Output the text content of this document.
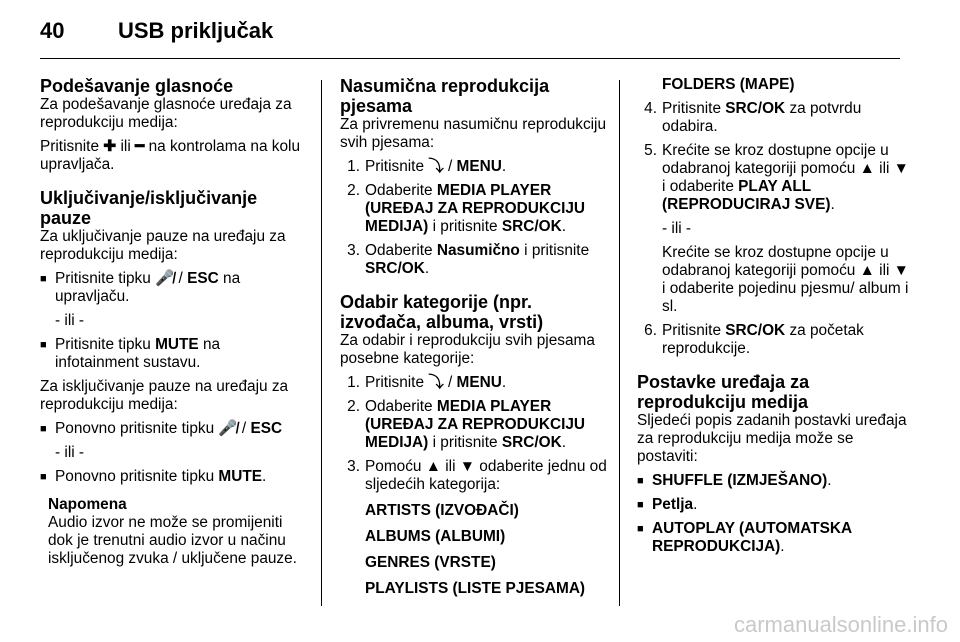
40 USB priključak
Podešavanje glasnoće

Za podešavanje glasnoće uređaja za reprodukciju medija:

Pritisnite ✚ ili ━ na kontrolama na kolu upravljača.

Uključivanje/isključivanje pauze

Za uključivanje pauze na uređaju za reprodukciju medija:

■ Pritisnite tipku 🎤̸ / ESC na upravljaču.
- ili -
■ Pritisnite tipku MUTE na infotainment sustavu.

Za isključivanje pauze na uređaju za reprodukciju medija:

■ Ponovno pritisnite tipku 🎤̸ / ESC
- ili -
■ Ponovno pritisnite tipku MUTE.
Napomena
Audio izvor ne može se promijeniti dok je trenutni audio izvor u načinu isključenog zvuka / uključene pauze.
Nasumična reprodukcija pjesama

Za privremenu nasumičnu reprodukciju svih pjesama:

1. Pritisnite ⤵ / MENU.
2. Odaberite MEDIA PLAYER (UREĐAJ ZA REPRODUKCIJU MEDIJA) i pritisnite SRC/OK.
3. Odaberite Nasumično i pritisnite SRC/OK.
Odabir kategorije (npr. izvođača, albuma, vrsti)

Za odabir i reprodukciju svih pjesama posebne kategorije:

1. Pritisnite ⤵ / MENU.
2. Odaberite MEDIA PLAYER (UREĐAJ ZA REPRODUKCIJU MEDIJA) i pritisnite SRC/OK.
3. Pomoću ▲ ili ▼ odaberite jednu od sljedećih kategorija:
ARTISTS (IZVOĐAČI)
ALBUMS (ALBUMI)
GENRES (VRSTE)
PLAYLISTS (LISTE PJESAMA)
FOLDERS (MAPE)
4. Pritisnite SRC/OK za potvrdu odabira.
5. Krećite se kroz dostupne opcije u odabranoj kategoriji pomoću ▲ ili ▼ i odaberite PLAY ALL (REPRODUCIRAJ SVE).
- ili -
Krećite se kroz dostupne opcije u odabranoj kategoriji pomoću ▲ ili ▼ i odaberite pojedinu pjesmu/ album i sl.
6. Pritisnite SRC/OK za početak reprodukcije.
Postavke uređaja za reprodukciju medija

Sljedeći popis zadanih postavki uređaja za reprodukciju medija može se postaviti:

■ SHUFFLE (IZMJEŠANO).
■ Petlja.
■ AUTOPLAY (AUTOMATSKA REPRODUKCIJA).
carmanualsonline.info
